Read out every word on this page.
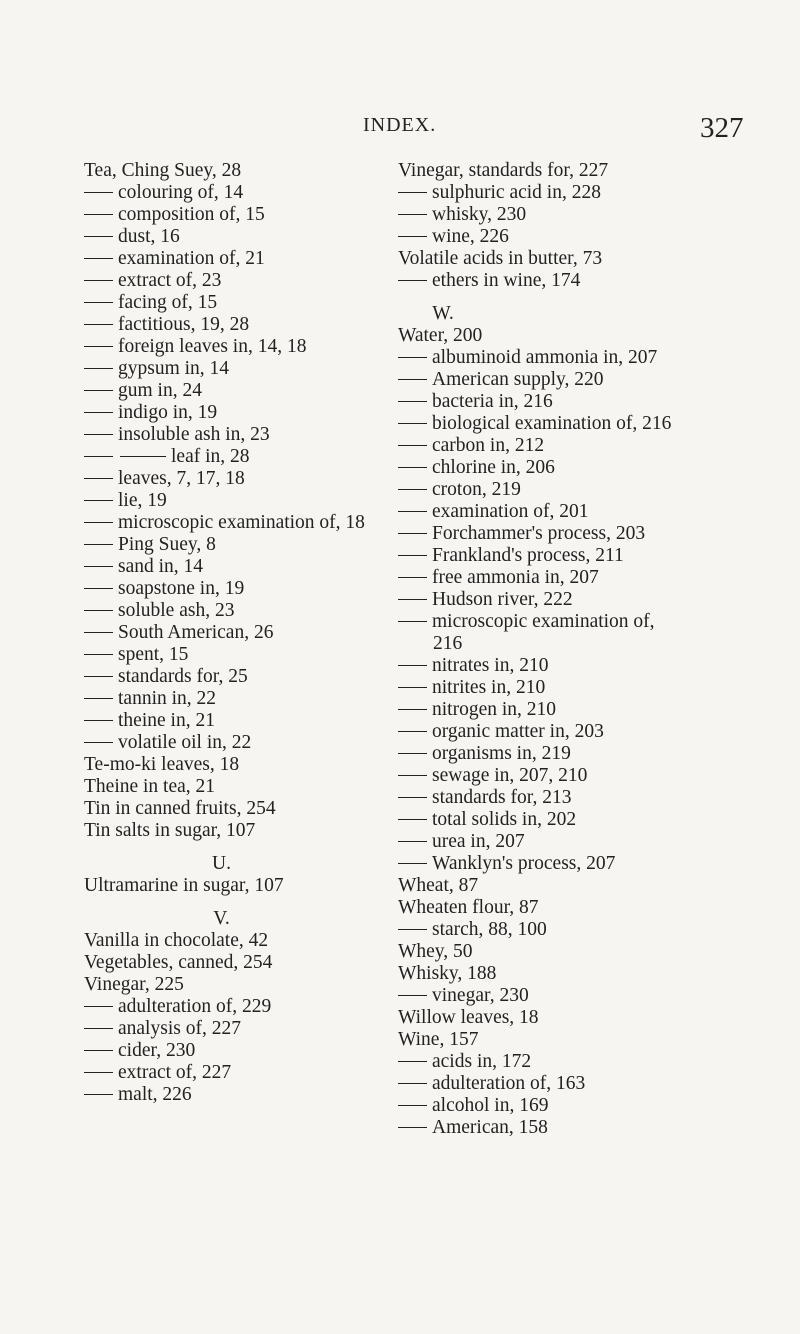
INDEX.	327
Tea, Ching Suey, 28
colouring of, 14
composition of, 15
dust, 16
examination of, 21
extract of, 23
facing of, 15
factitious, 19, 28
foreign leaves in, 14, 18
gypsum in, 14
gum in, 24
indigo in, 19
insoluble ash in, 23
leaf in, 28
leaves, 7, 17, 18
lie, 19
microscopic examination of, 18
Ping Suey, 8
sand in, 14
soapstone in, 19
soluble ash, 23
South American, 26
spent, 15
standards for, 25
tannin in, 22
theine in, 21
volatile oil in, 22
Te-mo-ki leaves, 18
Theine in tea, 21
Tin in canned fruits, 254
Tin salts in sugar, 107
U.
Ultramarine in sugar, 107
V.
Vanilla in chocolate, 42
Vegetables, canned, 254
Vinegar, 225
adulteration of, 229
analysis of, 227
cider, 230
extract of, 227
malt, 226
Vinegar, standards for, 227
sulphuric acid in, 228
whisky, 230
wine, 226
Volatile acids in butter, 73
ethers in wine, 174
W.
Water, 200
albuminoid ammonia in, 207
American supply, 220
bacteria in, 216
biological examination of, 216
carbon in, 212
chlorine in, 206
croton, 219
examination of, 201
Forchammer's process, 203
Frankland's process, 211
free ammonia in, 207
Hudson river, 222
microscopic examination of,
216
nitrates in, 210
nitrites in, 210
nitrogen in, 210
organic matter in, 203
organisms in, 219
sewage in, 207, 210
standards for, 213
total solids in, 202
urea in, 207
Wanklyn's process, 207
Wheat, 87
Wheaten flour, 87
starch, 88, 100
Whey, 50
Whisky, 188
vinegar, 230
Willow leaves, 18
Wine, 157
acids in, 172
adulteration of, 163
alcohol in, 169
American, 158
